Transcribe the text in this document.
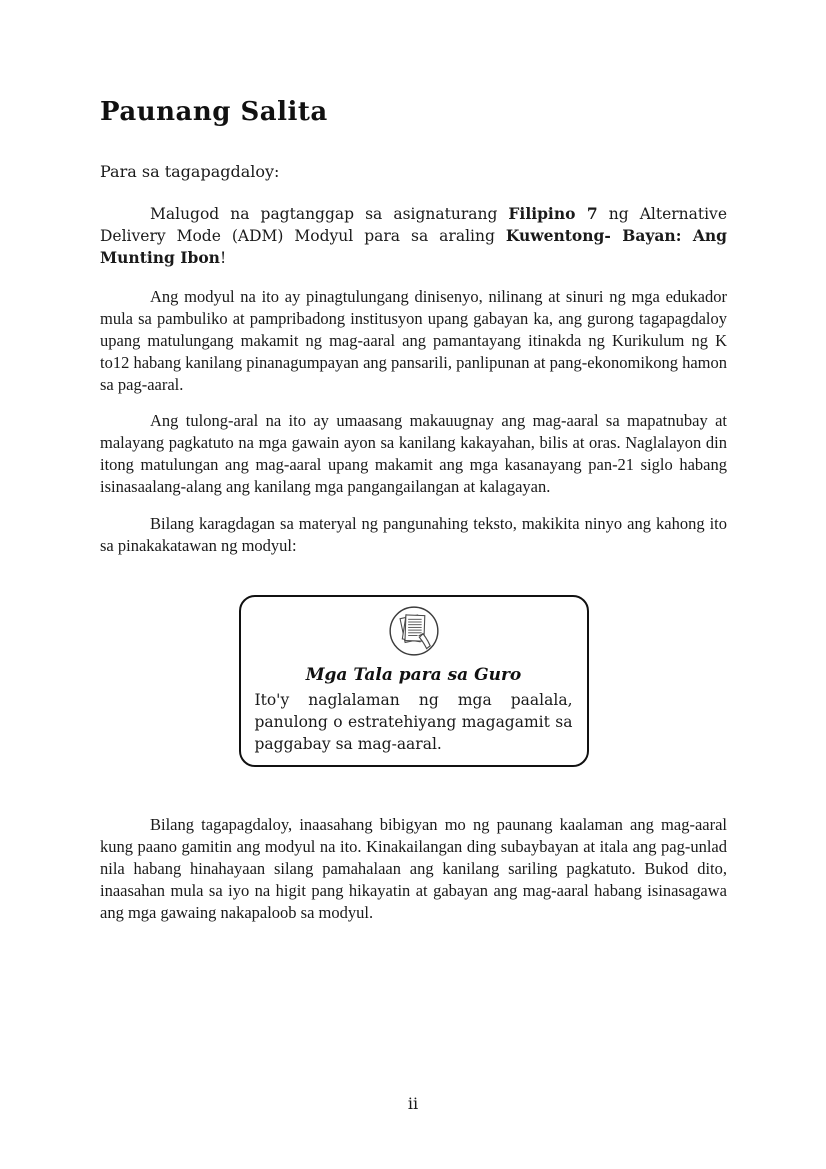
Paunang Salita
Para sa tagapagdaloy:

Malugod na pagtanggap sa asignaturang Filipino 7 ng Alternative Delivery Mode (ADM) Modyul para sa araling Kuwentong- Bayan: Ang Munting Ibon!

Ang modyul na ito ay pinagtulungang dinisenyo, nilinang at sinuri ng mga edukador mula sa pambuliko at pampribadong institusyon upang gabayan ka, ang gurong tagapagdaloy upang matulungang makamit ng mag-aaral ang pamantayang itinakda ng Kurikulum ng K to12 habang kanilang pinanagumpayan ang pansarili, panlipunan at pang-ekonomikong hamon sa pag-aaral.

Ang tulong-aral na ito ay umaasang makauugnay ang mag-aaral sa mapatnubay at malayang pagkatuto na mga gawain ayon sa kanilang kakayahan, bilis at oras. Naglalayon din itong matulungan ang mag-aaral upang makamit ang mga kasanayang pan-21 siglo habang isinasaalang-alang ang kanilang mga pangangailangan at kalagayan.

Bilang karagdagan sa materyal ng pangunahing teksto, makikita ninyo ang kahong ito sa pinakakatawan ng modyul:

Mga Tala para sa Guro
Ito'y naglalaman ng mga paalala, panulong o estratehiyang magagamit sa paggabay sa mag-aaral.

Bilang tagapagdaloy, inaasahang bibigyan mo ng paunang kaalaman ang mag-aaral kung paano gamitin ang modyul na ito. Kinakailangan ding subaybayan at itala ang pag-unlad nila habang hinahayaan silang pamahalaan ang kanilang sariling pagkatuto. Bukod dito, inaasahan mula sa iyo na higit pang hikayatin at gabayan ang mag-aaral habang isinasagawa ang mga gawaing nakapaloob sa modyul.

ii
